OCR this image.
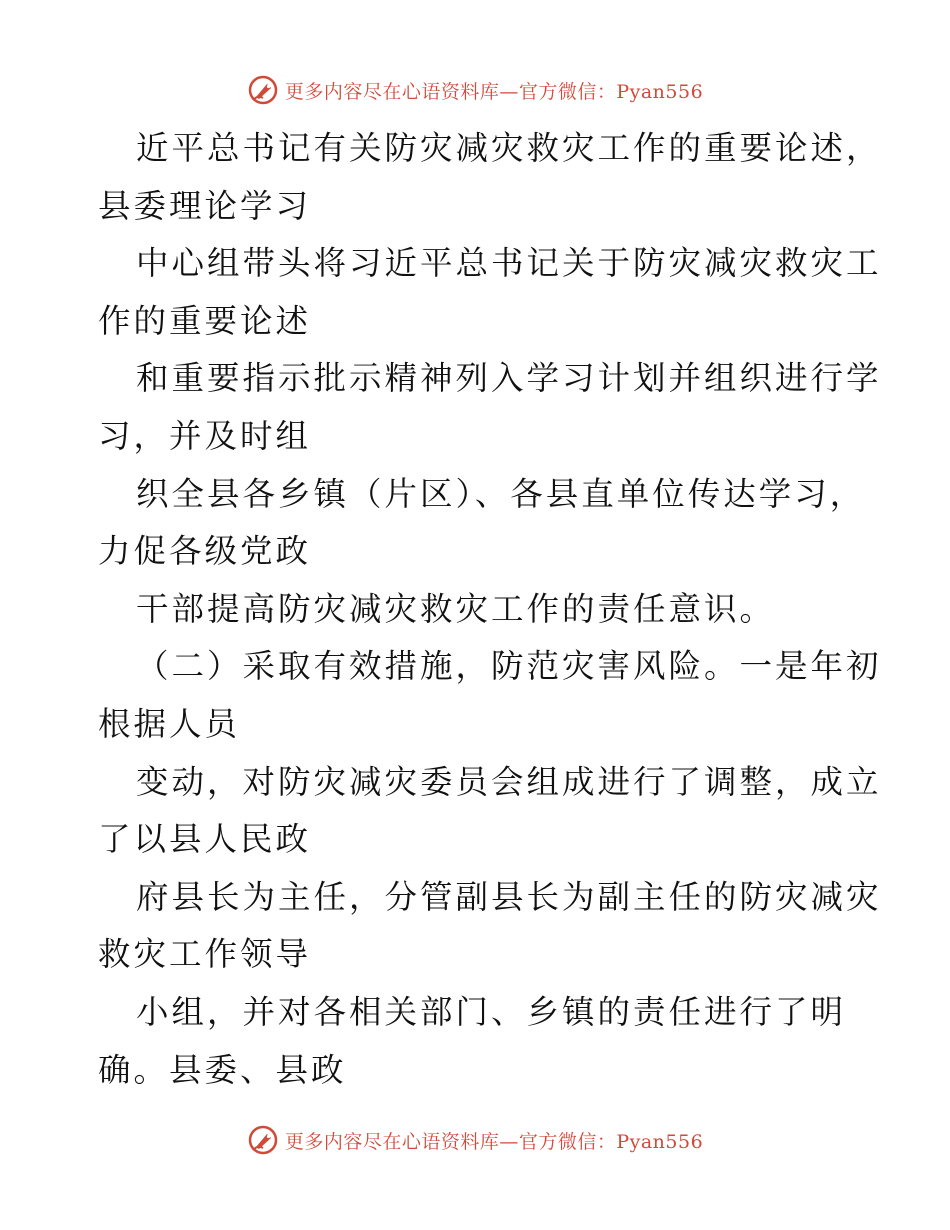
更多内容尽在心语资料库—官方微信：Pyan556
近平总书记有关防灾减灾救灾工作的重要论述，
县委理论学习
中心组带头将习近平总书记关于防灾减灾救灾工
作的重要论述
和重要指示批示精神列入学习计划并组织进行学
习，并及时组
织全县各乡镇（片区）、各县直单位传达学习，
力促各级党政
干部提高防灾减灾救灾工作的责任意识。
（二）采取有效措施，防范灾害风险。一是年初
根据人员
变动，对防灾减灾委员会组成进行了调整，成立
了以县人民政
府县长为主任，分管副县长为副主任的防灾减灾
救灾工作领导
小组，并对各相关部门、乡镇的责任进行了明
确。县委、县政
更多内容尽在心语资料库—官方微信：Pyan556
